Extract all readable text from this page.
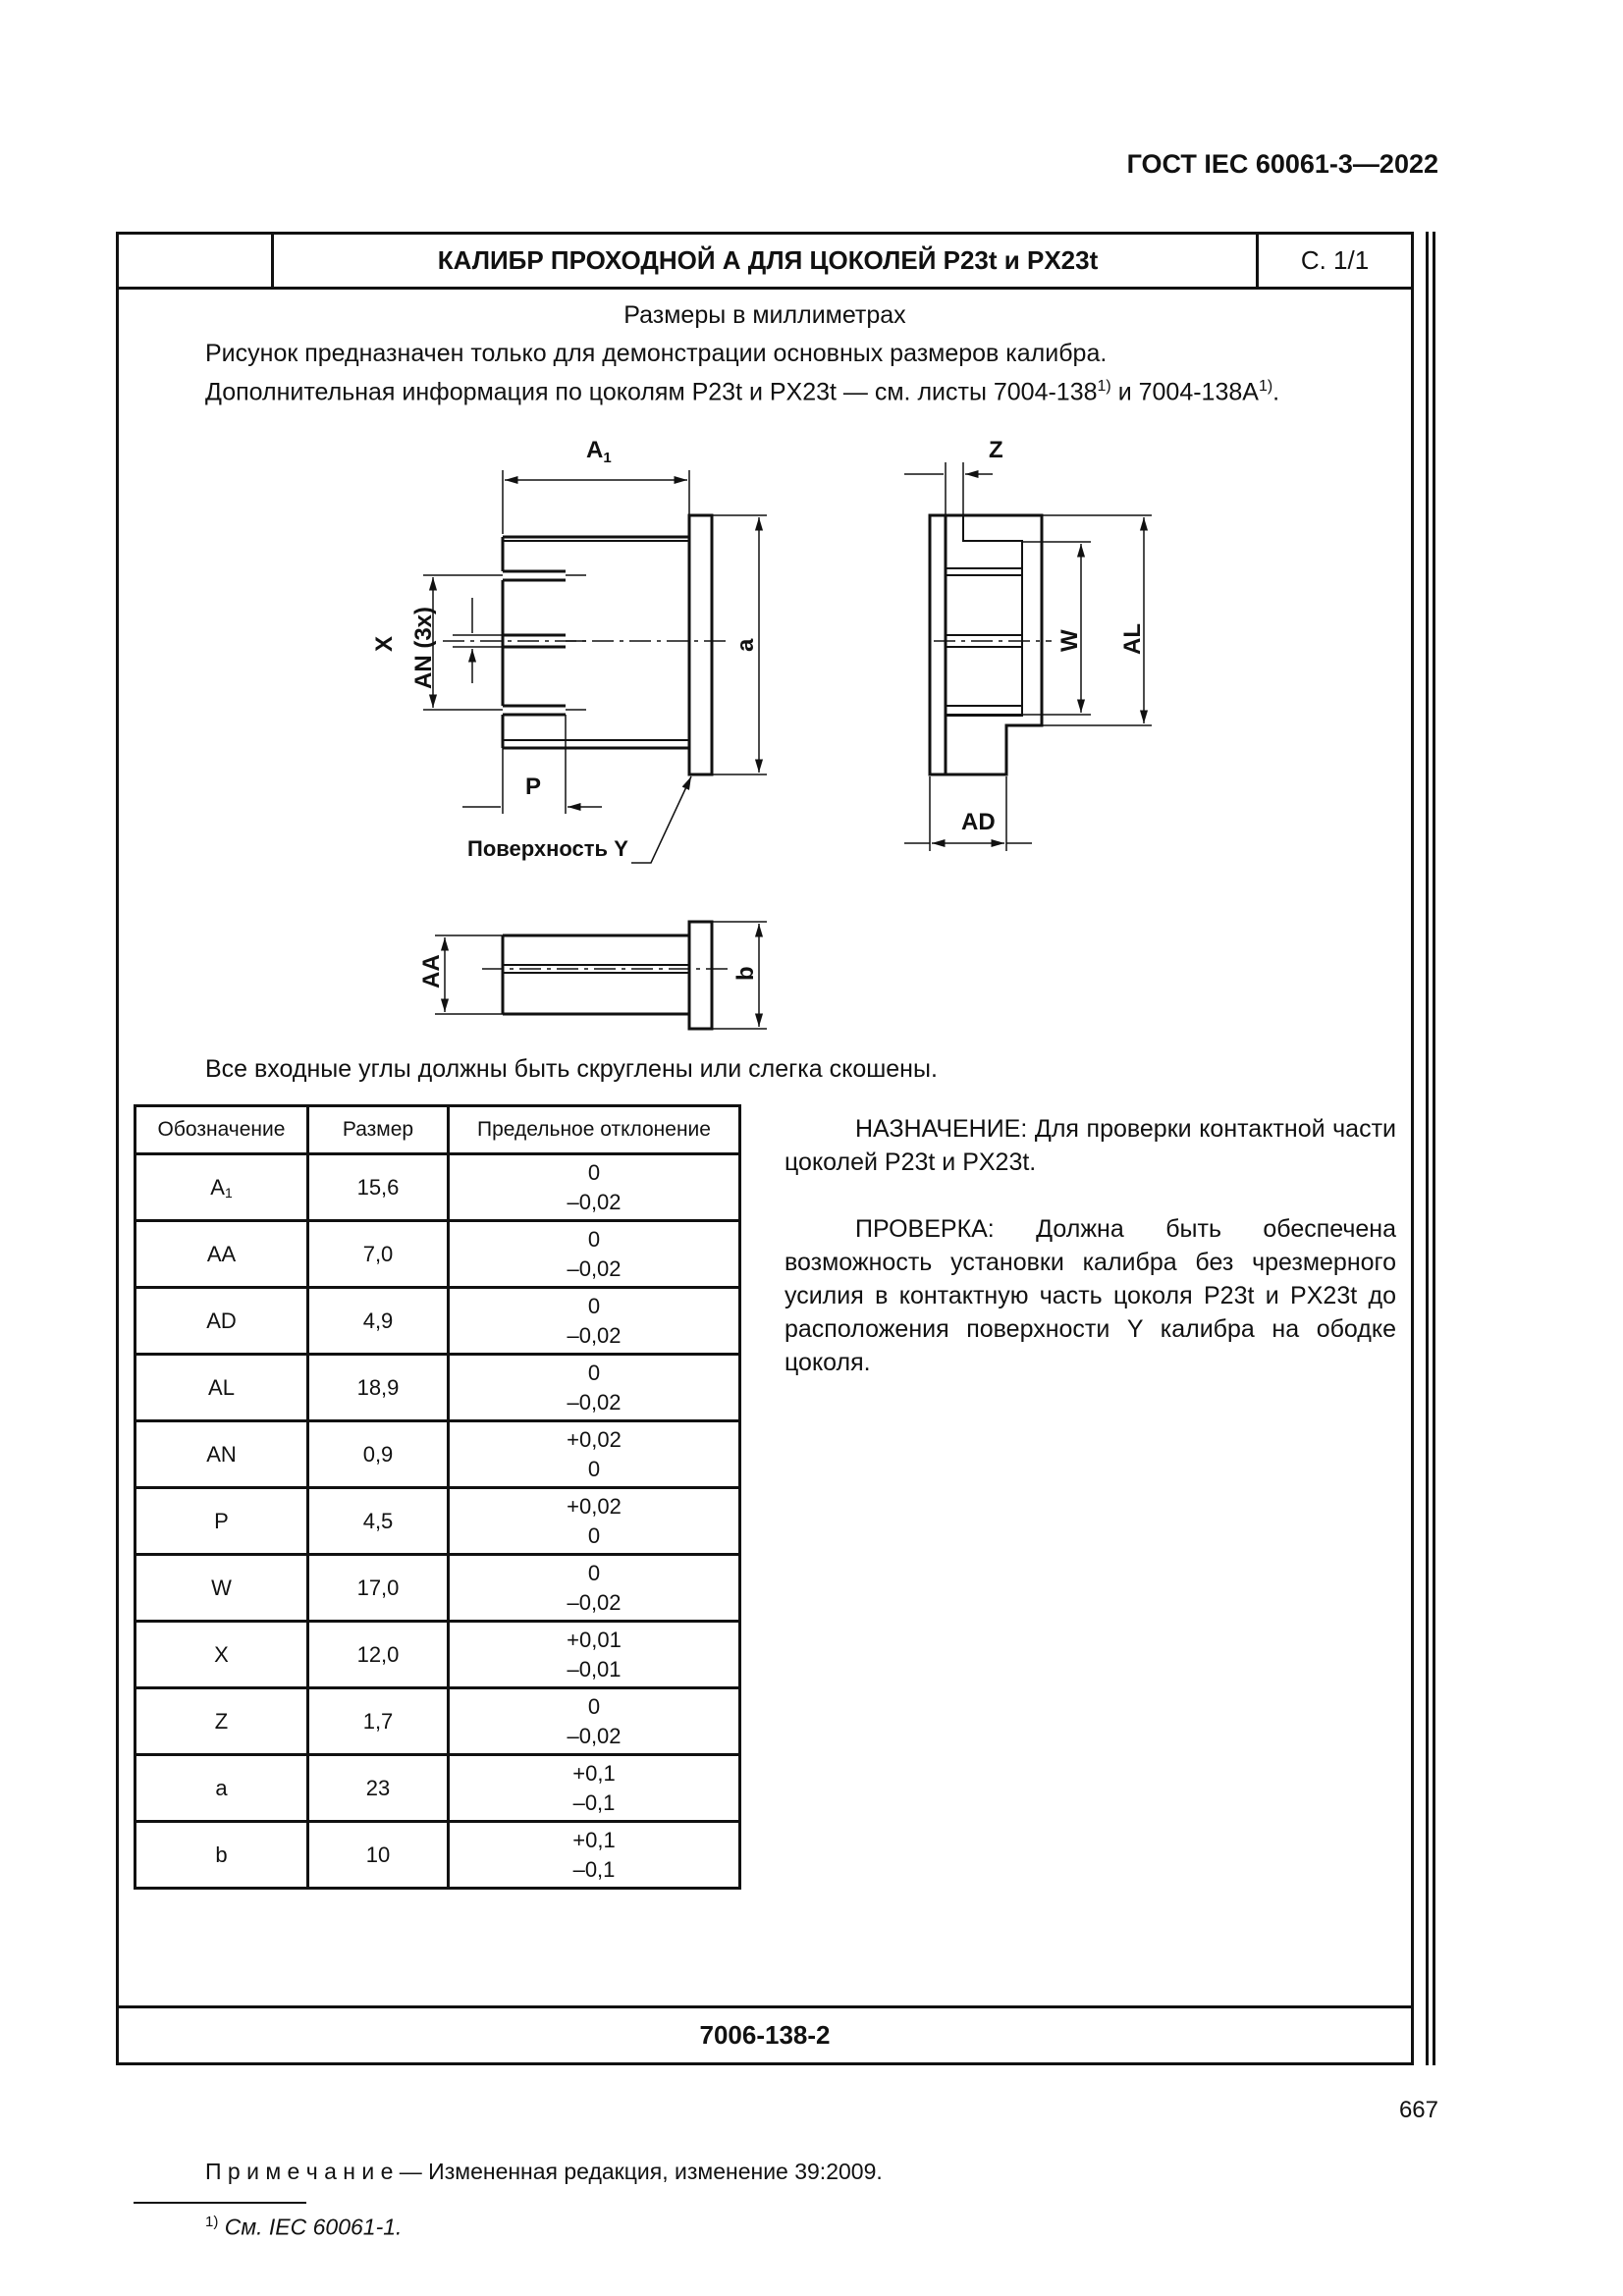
ГОСТ IEC 60061-3—2022
КАЛИБР ПРОХОДНОЙ А ДЛЯ ЦОКОЛЕЙ P23t и PX23t	С. 1/1
Размеры в миллиметрах
Рисунок предназначен только для демонстрации основных размеров калибра.
Дополнительная информация по цоколям P23t и PX23t — см. листы 7004-138$^{1)}$ и $7004-138A^{1)}$.
$A_1$
X AN (3x)	a
P
Поверхность Y
Z
W AL
AD
AA	b
Все входные углы должны быть скруглены или слегка скошены.
Обозначение	Размер	Предельное отклонение
$A_1$	15,6	0
–0,02

AA	7,0	0
–0,02

AD	4,9	0
–0,02

AL	18,9	0
–0,02

AN	0,9	+0,02
0

P	4,5	+0,02
0

W	17,0	0
–0,02

X	12,0	+0,01
–0,01

Z	1,7	0
–0,02

a	23	+0,1
–0,1

b	10	+0,1
–0,1

НАЗНАЧЕНИЕ: Для проверки контактной части цоколей P23t и PX23t.

ПРОВЕРКА: Должна быть обеспечена возможность установки калибра без чрезмерного усилия в контактную часть цоколя P23t и PX23t до расположения поверхности Y калибра на ободке цоколя.

П р и м е ч а н и е — Измененная редакция, изменение 39:2009.
$^{1)}$ См. IEC 60061-1.
7006-138-2
667
